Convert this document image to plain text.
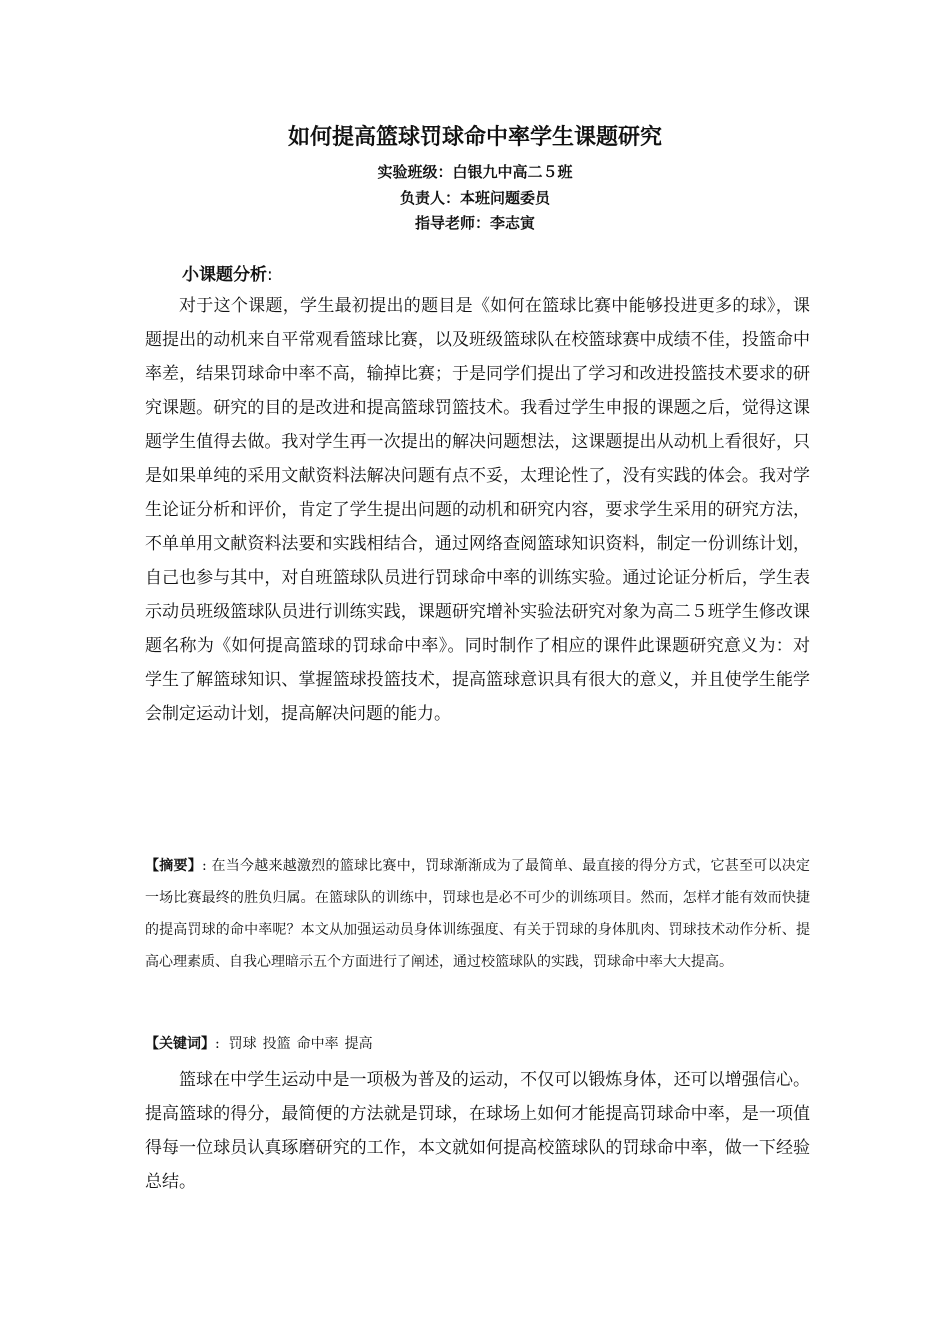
如何提高篮球罚球命中率学生课题研究
实验班级：白银九中高二５班
负责人：本班问题委员
指导老师：李志寅
小课题分析:

对于这个课题，学生最初提出的题目是《如何在篮球比赛中能够投进更多的球》，课题提出的动机来自平常观看篮球比赛，以及班级篮球队在校篮球赛中成绩不佳，投篮命中率差，结果罚球命中率不高，输掉比赛；于是同学们提出了学习和改进投篮技术要求的研究课题。研究的目的是改进和提高篮球罚篮技术。我看过学生申报的课题之后，觉得这课题学生值得去做。我对学生再一次提出的解决问题想法，这课题提出从动机上看很好，只是如果单纯的采用文献资料法解决问题有点不妥，太理论性了，没有实践的体会。我对学生论证分析和评价，肯定了学生提出问题的动机和研究内容，要求学生采用的研究方法，不单单用文献资料法要和实践相结合，通过网络查阅篮球知识资料，制定一份训练计划，自己也参与其中，对自班篮球队员进行罚球命中率的训练实验。通过论证分析后，学生表示动员班级篮球队员进行训练实践，课题研究增补实验法研究对象为高二５班学生修改课题名称为《如何提高篮球的罚球命中率》。同时制作了相应的课件此课题研究意义为：对学生了解篮球知识、掌握篮球投篮技术，提高篮球意识具有很大的意义，并且使学生能学会制定运动计划，提高解决问题的能力。

【摘要】: 在当今越来越激烈的篮球比赛中，罚球渐渐成为了最简单、最直接的得分方式，它甚至可以决定一场比赛最终的胜负归属。在篮球队的训练中，罚球也是必不可少的训练项目。然而，怎样才能有效而快捷的提高罚球的命中率呢？本文从加强运动员身体训练强度、有关于罚球的身体肌肉、罚球技术动作分析、提高心理素质、自我心理暗示五个方面进行了阐述，通过校篮球队的实践，罚球命中率大大提高。

【关键词】: 罚球 投篮 命中率 提高

篮球在中学生运动中是一项极为普及的运动，不仅可以锻炼身体，还可以增强信心。提高篮球的得分，最简便的方法就是罚球，在球场上如何才能提高罚球命中率，是一项值得每一位球员认真琢磨研究的工作，本文就如何提高校篮球队的罚球命中率，做一下经验总结。
